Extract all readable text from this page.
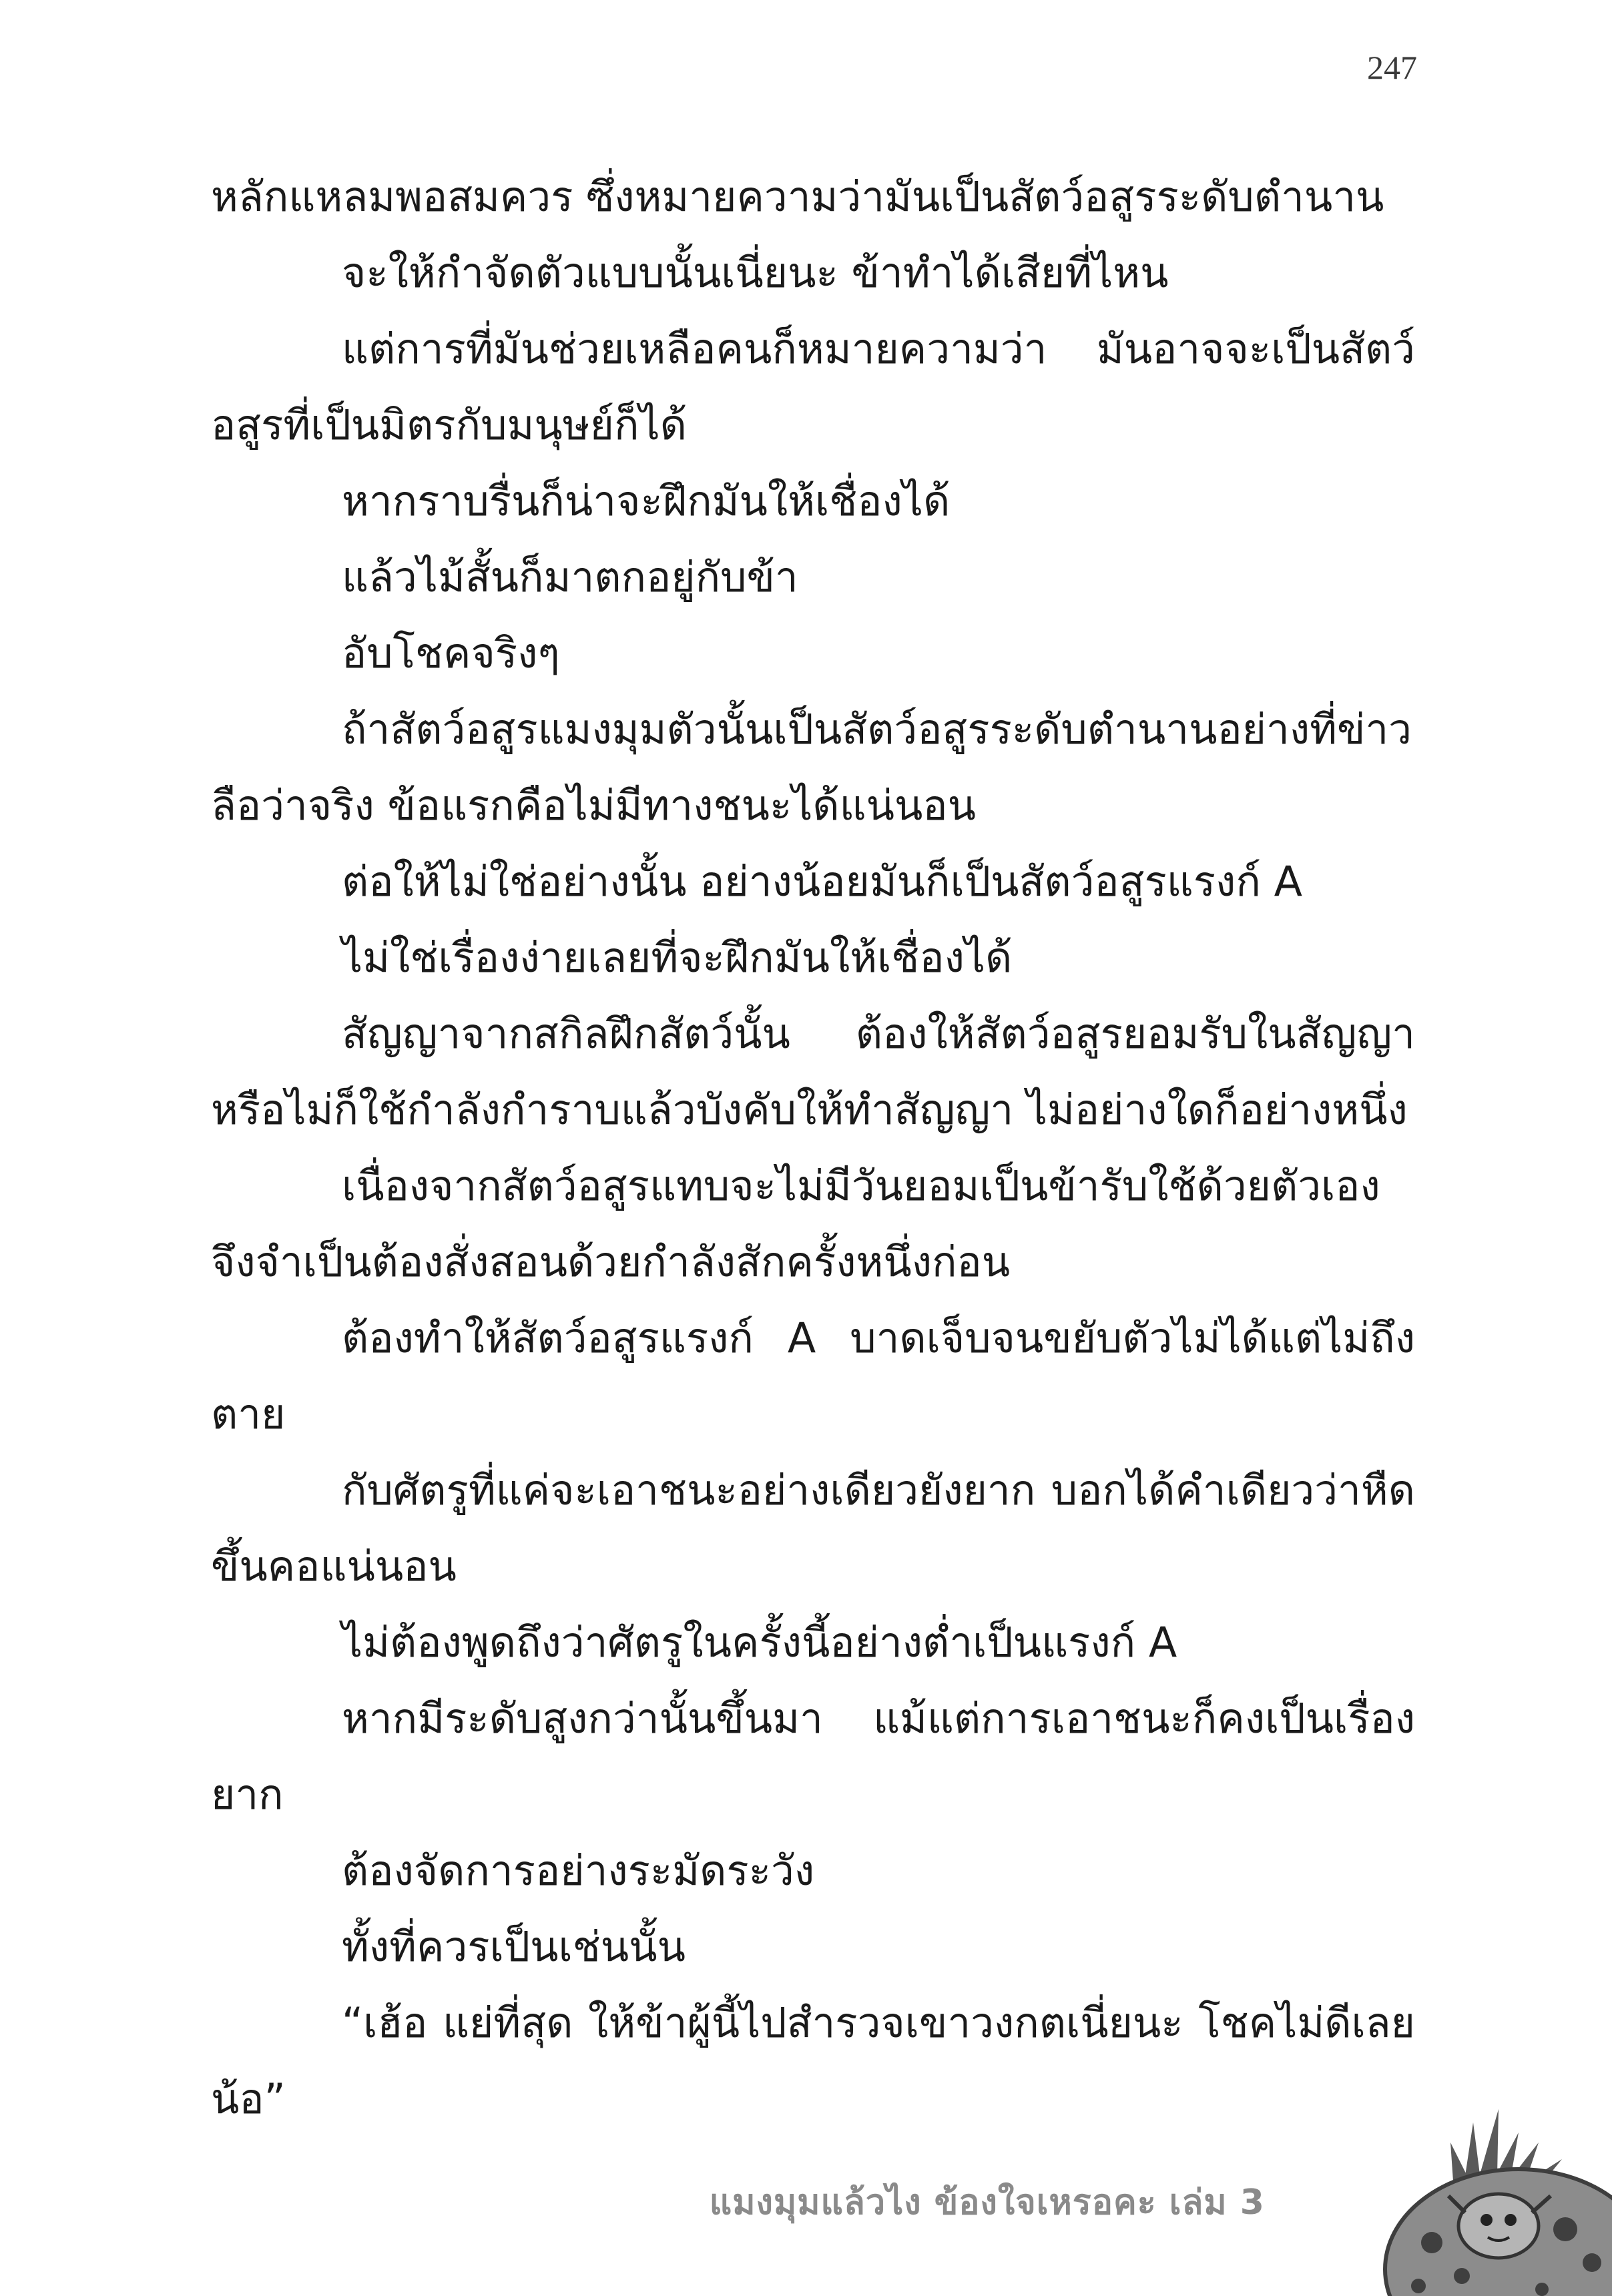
247

หลักแหลมพอสมควร ซึ่งหมายความว่ามันเป็นสัตว์อสูรระดับตำนาน

จะให้กำจัดตัวแบบนั้นเนี่ยนะ ข้าทำได้เสียที่ไหน

แต่การที่มันช่วยเหลือคนก็หมายความว่า มันอาจจะเป็นสัตว์อสูรที่เป็นมิตรกับมนุษย์ก็ได้

หากราบรื่นก็น่าจะฝึกมันให้เชื่องได้

แล้วไม้สั้นก็มาตกอยู่กับข้า

อับโชคจริงๆ

ถ้าสัตว์อสูรแมงมุมตัวนั้นเป็นสัตว์อสูรระดับตำนานอย่างที่ข่าวลือว่าจริง ข้อแรกคือไม่มีทางชนะได้แน่นอน

ต่อให้ไม่ใช่อย่างนั้น อย่างน้อยมันก็เป็นสัตว์อสูรแรงก์ A

ไม่ใช่เรื่องง่ายเลยที่จะฝึกมันให้เชื่องได้

สัญญาจากสกิลฝึกสัตว์นั้น ต้องให้สัตว์อสูรยอมรับในสัญญาหรือไม่ก็ใช้กำลังกำราบแล้วบังคับให้ทำสัญญา ไม่อย่างใดก็อย่างหนึ่ง

เนื่องจากสัตว์อสูรแทบจะไม่มีวันยอมเป็นข้ารับใช้ด้วยตัวเองจึงจำเป็นต้องสั่งสอนด้วยกำลังสักครั้งหนึ่งก่อน

ต้องทำให้สัตว์อสูรแรงก์ A บาดเจ็บจนขยับตัวไม่ได้แต่ไม่ถึงตาย

กับศัตรูที่แค่จะเอาชนะอย่างเดียวยังยาก บอกได้คำเดียวว่าหืดขึ้นคอแน่นอน

ไม่ต้องพูดถึงว่าศัตรูในครั้งนี้อย่างต่ำเป็นแรงก์ A

หากมีระดับสูงกว่านั้นขึ้นมา แม้แต่การเอาชนะก็คงเป็นเรื่องยาก

ต้องจัดการอย่างระมัดระวัง

ทั้งที่ควรเป็นเช่นนั้น

“เฮ้อ แย่ที่สุด ให้ข้าผู้นี้ไปสำรวจเขาวงกตเนี่ยนะ โชคไม่ดีเลยน้อ”

แมงมุมแล้วไง ข้องใจเหรอคะ เล่ม 3
